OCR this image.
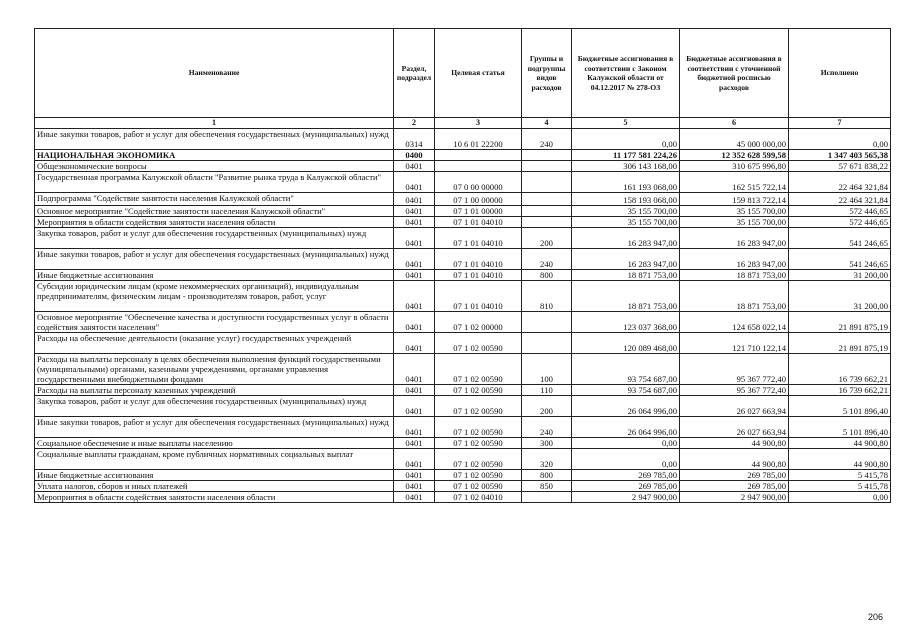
Наименование	Раздел, подраздел	Целевая статья	Группы и подгруппы видов расходов	Бюджетные ассигнования в соответствии с Законом Калужской области от 04.12.2017 № 278-ОЗ	Бюджетные ассигнования в соответствии с уточненной бюджетной росписью расходов	Исполнено
1	2	3	4	5	6	7
Иные закупки товаров, работ и услуг для обеспечения государственных (муниципальных) нужд	0314	10 6 01 22200	240	0,00	45 000 000,00	0,00
НАЦИОНАЛЬНАЯ ЭКОНОМИКА	0400			11 177 581 224,26	12 352 628 599,58	1 347 403 565,38
Общеэкономические вопросы	0401			306 143 168,00	310 675 996,80	57 671 838,22
Государственная программа Калужской области "Развитие рынка труда в Калужской области"	0401	07 0 00 00000		161 193 068,00	162 515 722,14	22 464 321,84
Подпрограмма "Содействие занятости населения Калужской области"	0401	07 1 00 00000		158 193 068,00	159 813 722,14	22 464 321,84
Основное мероприятие "Содействие занятости населения Калужской области"	0401	07 1 01 00000		35 155 700,00	35 155 700,00	572 446,65
Мероприятия в области содействия занятости населения области	0401	07 1 01 04010		35 155 700,00	35 155 700,00	572 446,65
Закупка товаров, работ и услуг для обеспечения государственных (муниципальных) нужд	0401	07 1 01 04010	200	16 283 947,00	16 283 947,00	541 246,65
Иные закупки товаров, работ и услуг для обеспечения государственных (муниципальных) нужд	0401	07 1 01 04010	240	16 283 947,00	16 283 947,00	541 246,65
Иные бюджетные ассигнования	0401	07 1 01 04010	800	18 871 753,00	18 871 753,00	31 200,00
Субсидии юридическим лицам (кроме некоммерческих организаций), индивидуальным предпринимателям, физическим лицам - производителям товаров, работ, услуг	0401	07 1 01 04010	810	18 871 753,00	18 871 753,00	31 200,00
Основное мероприятие "Обеспечение качества и доступности государственных услуг в области содействия занятости населения"	0401	07 1 02 00000		123 037 368,00	124 658 022,14	21 891 875,19
Расходы на обеспечение деятельности (оказание услуг) государственных учреждений	0401	07 1 02 00590		120 089 468,00	121 710 122,14	21 891 875,19
Расходы на выплаты персоналу в целях обеспечения выполнения функций государственными (муниципальными) органами, казенными учреждениями, органами управления государственными внебюджетными фондами	0401	07 1 02 00590	100	93 754 687,00	95 367 772,40	16 739 662,21
Расходы на выплаты персоналу казенных учреждений	0401	07 1 02 00590	110	93 754 687,00	95 367 772,40	16 739 662,21
Закупка товаров, работ и услуг для обеспечения государственных (муниципальных) нужд	0401	07 1 02 00590	200	26 064 996,00	26 027 663,94	5 101 896,40
Иные закупки товаров, работ и услуг для обеспечения государственных (муниципальных) нужд	0401	07 1 02 00590	240	26 064 996,00	26 027 663,94	5 101 896,40
Социальное обеспечение и иные выплаты населению	0401	07 1 02 00590	300	0,00	44 900,80	44 900,80
Социальные выплаты гражданам, кроме публичных нормативных социальных выплат	0401	07 1 02 00590	320	0,00	44 900,80	44 900,80
Иные бюджетные ассигнования	0401	07 1 02 00590	800	269 785,00	269 785,00	5 415,78
Уплата налогов, сборов и иных платежей	0401	07 1 02 00590	850	269 785,00	269 785,00	5 415,78
Мероприятия в области содействия занятости населения области	0401	07 1 02 04010		2 947 900,00	2 947 900,00	0,00
206
